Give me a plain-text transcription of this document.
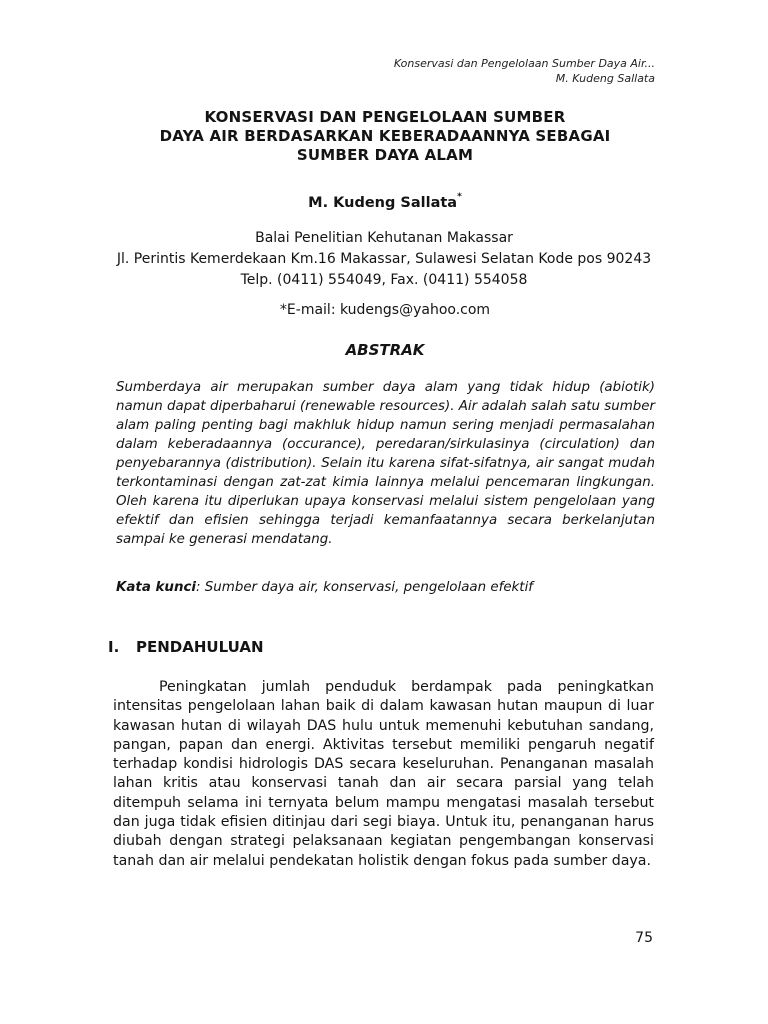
Konservasi dan Pengelolaan Sumber Daya Air...
M. Kudeng Sallata
KONSERVASI DAN PENGELOLAAN SUMBER
DAYA AIR BERDASARKAN KEBERADAANNYA SEBAGAI
SUMBER DAYA ALAM
M. Kudeng Sallata*
Balai Penelitian Kehutanan Makassar
Jl. Perintis Kemerdekaan Km.16 Makassar, Sulawesi Selatan Kode pos 90243
Telp. (0411) 554049, Fax. (0411) 554058
*E-mail: kudengs@yahoo.com
ABSTRAK

Sumberdaya air merupakan sumber daya alam yang tidak hidup (abiotik) namun dapat diperbaharui (renewable resources). Air adalah salah satu sumber alam paling penting bagi makhluk hidup namun sering menjadi permasalahan dalam keberadaannya (occurance), peredaran/sirkulasinya (circulation) dan penyebarannya (distribution). Selain itu karena sifat-sifatnya, air sangat mudah terkontaminasi dengan zat-zat kimia lainnya melalui pencemaran lingkungan. Oleh karena itu diperlukan upaya konservasi melalui sistem pengelolaan yang efektif dan efisien sehingga terjadi kemanfaatannya secara berkelanjutan sampai ke generasi mendatang.

Kata kunci: Sumber daya air, konservasi, pengelolaan efektif
I. PENDAHULUAN

Peningkatan jumlah penduduk berdampak pada peningkatkan intensitas pengelolaan lahan baik di dalam kawasan hutan maupun di luar kawasan hutan di wilayah DAS hulu untuk memenuhi kebutuhan sandang, pangan, papan dan energi. Aktivitas tersebut memiliki pengaruh negatif terhadap kondisi hidrologis DAS secara keseluruhan. Penanganan masalah lahan kritis atau konservasi tanah dan air secara parsial yang telah ditempuh selama ini ternyata belum mampu mengatasi masalah tersebut dan juga tidak efisien ditinjau dari segi biaya. Untuk itu, penanganan harus diubah dengan strategi pelaksanaan kegiatan pengembangan konservasi tanah dan air melalui pendekatan holistik dengan fokus pada sumber daya.

75
